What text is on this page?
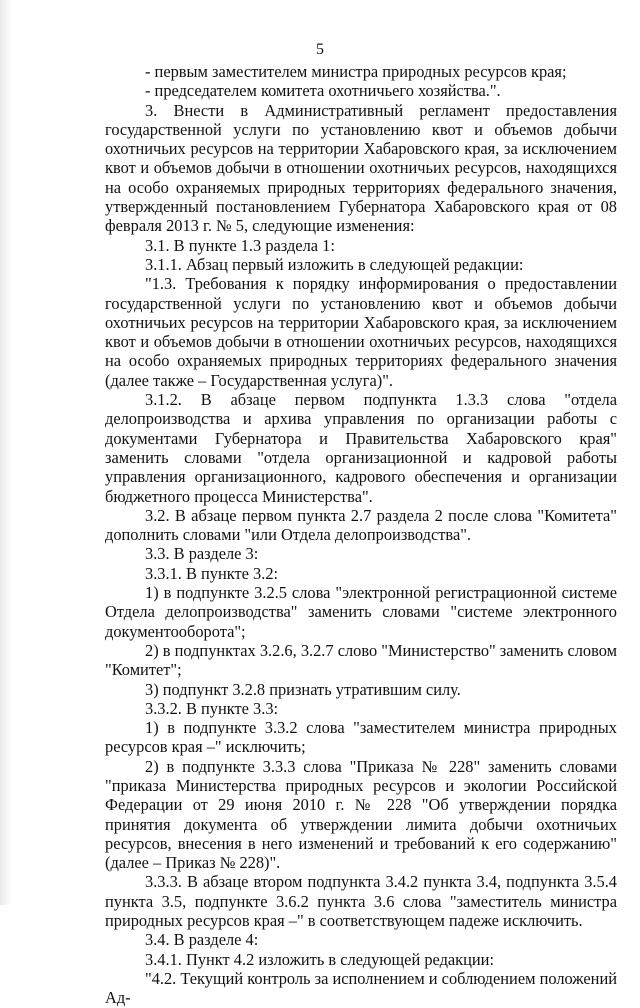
5

- первым заместителем министра природных ресурсов края;

- председателем комитета охотничьего хозяйства.".

3. Внести в Административный регламент предоставления государственной услуги по установлению квот и объемов добычи охотничьих ресурсов на территории Хабаровского края, за исключением квот и объемов добычи в отношении охотничьих ресурсов, находящихся на особо охраняемых природных территориях федерального значения, утвержденный постановлением Губернатора Хабаровского края от 08 февраля 2013 г. № 5, следующие изменения:

3.1. В пункте 1.3 раздела 1:

3.1.1. Абзац первый изложить в следующей редакции:

"1.3. Требования к порядку информирования о предоставлении государственной услуги по установлению квот и объемов добычи охотничьих ресурсов на территории Хабаровского края, за исключением квот и объемов добычи в отношении охотничьих ресурсов, находящихся на особо охраняемых природных территориях федерального значения (далее также – Государственная услуга)".

3.1.2. В абзаце первом подпункта 1.3.3 слова "отдела делопроизводства и архива управления по организации работы с документами Губернатора и Правительства Хабаровского края" заменить словами "отдела организационной и кадровой работы управления организационного, кадрового обеспечения и организации бюджетного процесса Министерства".

3.2. В абзаце первом пункта 2.7 раздела 2 после слова "Комитета" дополнить словами "или Отдела делопроизводства".

3.3. В разделе 3:

3.3.1. В пункте 3.2:

1) в подпункте 3.2.5 слова "электронной регистрационной системе Отдела делопроизводства" заменить словами "системе электронного документооборота";

2) в подпунктах 3.2.6, 3.2.7 слово "Министерство" заменить словом "Комитет";

3) подпункт 3.2.8 признать утратившим силу.

3.3.2. В пункте 3.3:

1) в подпункте 3.3.2 слова "заместителем министра природных ресурсов края –" исключить;

2) в подпункте 3.3.3 слова "Приказа № 228" заменить словами "приказа Министерства природных ресурсов и экологии Российской Федерации от 29 июня 2010 г. № 228 "Об утверждении порядка принятия документа об утверждении лимита добычи охотничьих ресурсов, внесения в него изменений и требований к его содержанию" (далее – Приказ № 228)".

3.3.3. В абзаце втором подпункта 3.4.2 пункта 3.4, подпункта 3.5.4 пункта 3.5, подпункте 3.6.2 пункта 3.6 слова "заместитель министра природных ресурсов края –" в соответствующем падеже исключить.

3.4. В разделе 4:

3.4.1. Пункт 4.2 изложить в следующей редакции:

"4.2. Текущий контроль за исполнением и соблюдением положений Ад-
